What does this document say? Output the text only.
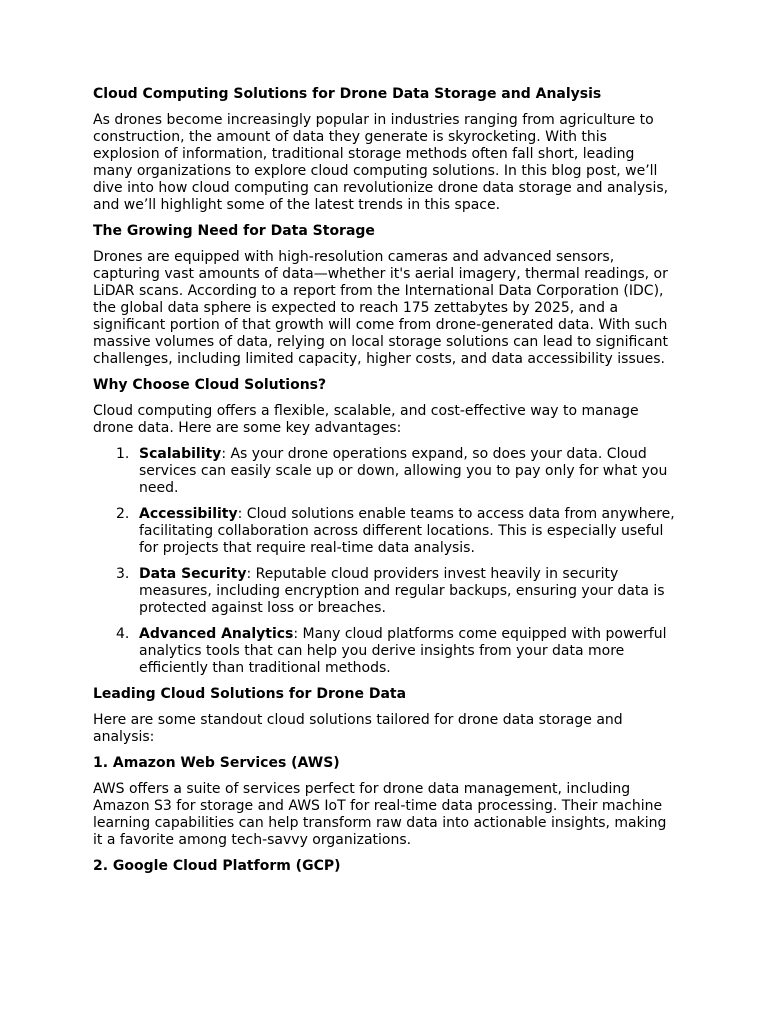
Cloud Computing Solutions for Drone Data Storage and Analysis
As drones become increasingly popular in industries ranging from agriculture to construction, the amount of data they generate is skyrocketing. With this explosion of information, traditional storage methods often fall short, leading many organizations to explore cloud computing solutions. In this blog post, we’ll dive into how cloud computing can revolutionize drone data storage and analysis, and we’ll highlight some of the latest trends in this space.
The Growing Need for Data Storage
Drones are equipped with high-resolution cameras and advanced sensors, capturing vast amounts of data—whether it's aerial imagery, thermal readings, or LiDAR scans. According to a report from the International Data Corporation (IDC), the global data sphere is expected to reach 175 zettabytes by 2025, and a significant portion of that growth will come from drone-generated data. With such massive volumes of data, relying on local storage solutions can lead to significant challenges, including limited capacity, higher costs, and data accessibility issues.
Why Choose Cloud Solutions?
Cloud computing offers a flexible, scalable, and cost-effective way to manage drone data. Here are some key advantages:
1. Scalability: As your drone operations expand, so does your data. Cloud services can easily scale up or down, allowing you to pay only for what you need.
2. Accessibility: Cloud solutions enable teams to access data from anywhere, facilitating collaboration across different locations. This is especially useful for projects that require real-time data analysis.
3. Data Security: Reputable cloud providers invest heavily in security measures, including encryption and regular backups, ensuring your data is protected against loss or breaches.
4. Advanced Analytics: Many cloud platforms come equipped with powerful analytics tools that can help you derive insights from your data more efficiently than traditional methods.
Leading Cloud Solutions for Drone Data
Here are some standout cloud solutions tailored for drone data storage and analysis:
1. Amazon Web Services (AWS)
AWS offers a suite of services perfect for drone data management, including Amazon S3 for storage and AWS IoT for real-time data processing. Their machine learning capabilities can help transform raw data into actionable insights, making it a favorite among tech-savvy organizations.
2. Google Cloud Platform (GCP)
